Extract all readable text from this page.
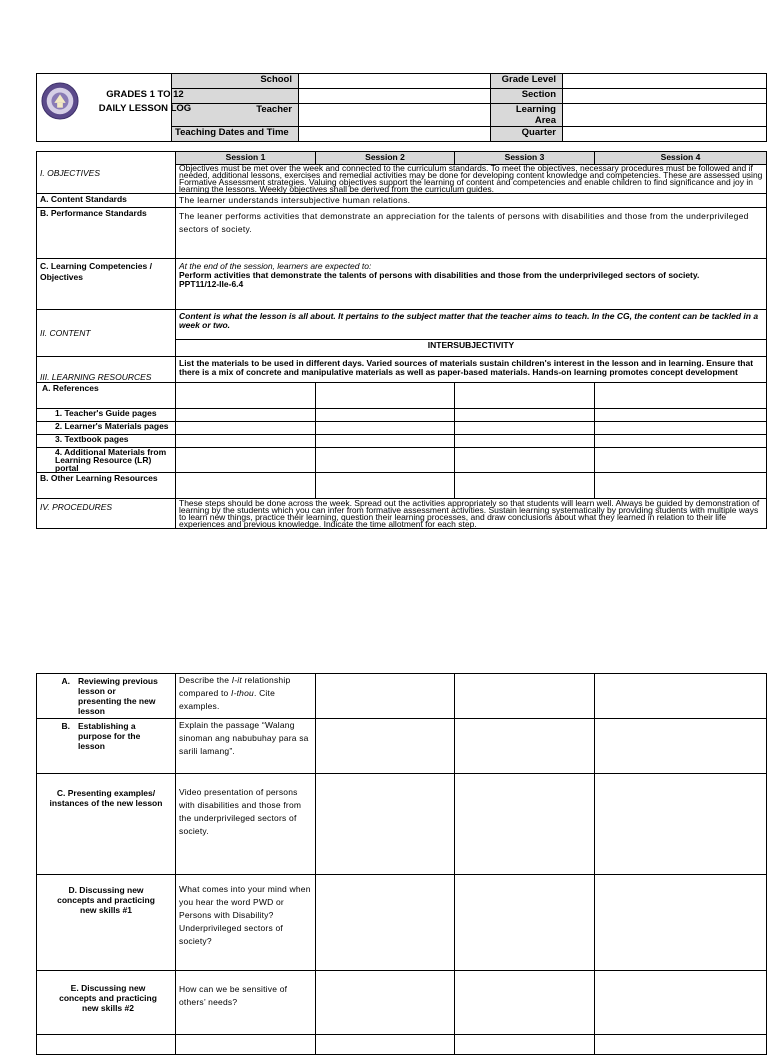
GRADES 1 TO 12
DAILY LESSON LOG	School		Grade Level	
			Section	
	Teacher		Learning Area	
	Teaching Dates and Time		Quarter	
I. OBJECTIVES	Session 1	Session 2	Session 3	Session 4
	Objectives must be met over the week and connected to the curriculum standards. To meet the objectives, necessary procedures must be followed and if needed, additional lessons, exercises and remedial activities may be done for developing content knowledge and competencies. These are assessed using Formative Assessment strategies. Valuing objectives support the learning of content and competencies and enable children to find significance and joy in learning the lessons. Weekly objectives shall be derived from the curriculum guides.			
A. Content Standards	The learner understands intersubjective human relations.			
B. Performance Standards	The leaner performs activities that demonstrate an appreciation for the talents of persons with disabilities and those from the underprivileged sectors of society.			
C. Learning Competencies / Objectives	At the end of the session, learners are expected to:
Perform activities that demonstrate the talents of persons with disabilities and those from the underprivileged sectors of society.
PPT11/12-IIe-6.4			

II. CONTENT	Content is what the lesson is all about. It pertains to the subject matter that the teacher aims to teach. In the CG, the content can be tackled in a week or two.			
	INTERSUBJECTIVITY			
III. LEARNING RESOURCES	List the materials to be used in different days. Varied sources of materials sustain children's interest in the lesson and in learning. Ensure that there is a mix of concrete and manipulative materials as well as paper-based materials. Hands-on learning promotes concept development			
A. References				
1. Teacher's Guide pages				
2. Learner's Materials pages				
3. Textbook pages				
4. Additional Materials from Learning Resource (LR) portal				
B. Other Learning Resources				
IV. PROCEDURES	These steps should be done across the week. Spread out the activities appropriately so that students will learn well. Always be guided by demonstration of learning by the students which you can infer from formative assessment activities. Sustain learning systematically by providing students with multiple ways to learn new things, practice their learning, question their learning processes, and draw conclusions about what they learned in relation to their life experiences and previous knowledge. Indicate the time allotment for each step.			
A. Reviewing previous lesson or presenting the new lesson	Describe the I-it relationship compared to I-thou. Cite examples.			

B. Establishing a purpose for the lesson	Explain the passage “Walang sinoman ang nabubuhay para sa sarili lamang”.			
C. Presenting examples/ instances of the new lesson	Video presentation of persons with disabilities and those from the underprivileged sectors of society.			
D. Discussing new concepts and practicing new skills #1	What comes into your mind when you hear the word PWD or Persons with Disability? Underprivileged sectors of society?			
E. Discussing new concepts and practicing new skills #2	How can we be sensitive of others’ needs?			
